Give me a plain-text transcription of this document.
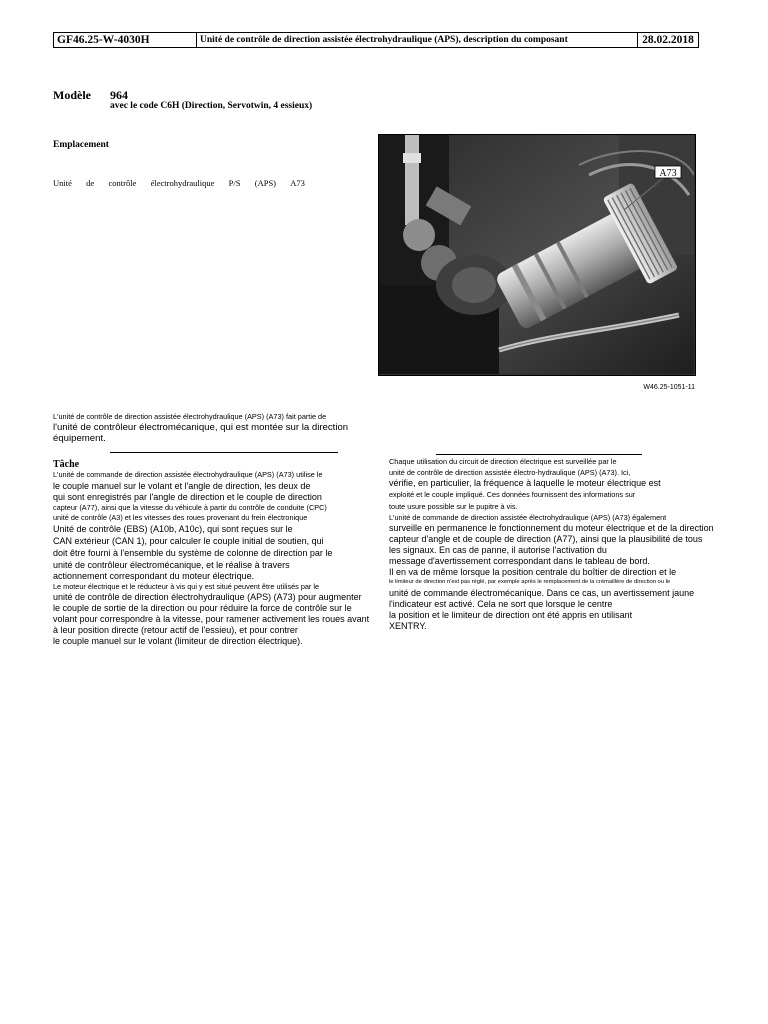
GF46.25-W-4030H	Unité de contrôle de direction assistée électrohydraulique (APS), description du composant	28.02.2018
Modèle 964
avec le code C6H (Direction, Servotwin, 4 essieux)
Emplacement
Unité de contrôle électrohydraulique P/S (APS) A73
A73
W46.25-1051-11
L'unité de contrôle de direction assistée électrohydraulique (APS) (A73) fait partie de
l'unité de contrôleur électromécanique, qui est montée sur la direction
équipement.
Tâche
L'unité de commande de direction assistée électrohydraulique (APS) (A73) utilise le
le couple manuel sur le volant et l'angle de direction, les deux de
qui sont enregistrés par l'angle de direction et le couple de direction
capteur (A77), ainsi que la vitesse du véhicule à partir du contrôle de conduite (CPC)
unité de contrôle (A3) et les vitesses des roues provenant du frein électronique
Unité de contrôle (EBS) (A10b, A10c), qui sont reçues sur le
CAN extérieur (CAN 1), pour calculer le couple initial de soutien, qui
doit être fourni à l'ensemble du système de colonne de direction par le
unité de contrôleur électromécanique, et le réalise à travers
actionnement correspondant du moteur électrique.
Le moteur électrique et le réducteur à vis qui y est situé peuvent être utilisés par le
unité de contrôle de direction électrohydraulique (APS) (A73) pour augmenter
le couple de sortie de la direction ou pour réduire la force de contrôle sur le
volant pour correspondre à la vitesse, pour ramener activement les roues avant
à leur position directe (retour actif de l'essieu), et pour contrer
le couple manuel sur le volant (limiteur de direction électrique).
Chaque utilisation du circuit de direction électrique est surveillée par le
unité de contrôle de direction assistée électro-hydraulique (APS) (A73). Ici,
vérifie, en particulier, la fréquence à laquelle le moteur électrique est
exploité et le couple impliqué. Ces données fournissent des informations sur
toute usure possible sur le pupitre à vis.
L'unité de commande de direction assistée électrohydraulique (APS) (A73) également
surveille en permanence le fonctionnement du moteur électrique et de la direction
capteur d'angle et de couple de direction (A77), ainsi que la plausibilité de tous
les signaux. En cas de panne, il autorise l'activation du
message d'avertissement correspondant dans le tableau de bord.
Il en va de même lorsque la position centrale du boîtier de direction et le
le limiteur de direction n'est pas réglé, par exemple après le remplacement de la crémaillère de direction ou le
unité de commande électromécanique. Dans ce cas, un avertissement jaune
l'indicateur est activé. Cela ne sort que lorsque le centre
la position et le limiteur de direction ont été appris en utilisant
XENTRY.
